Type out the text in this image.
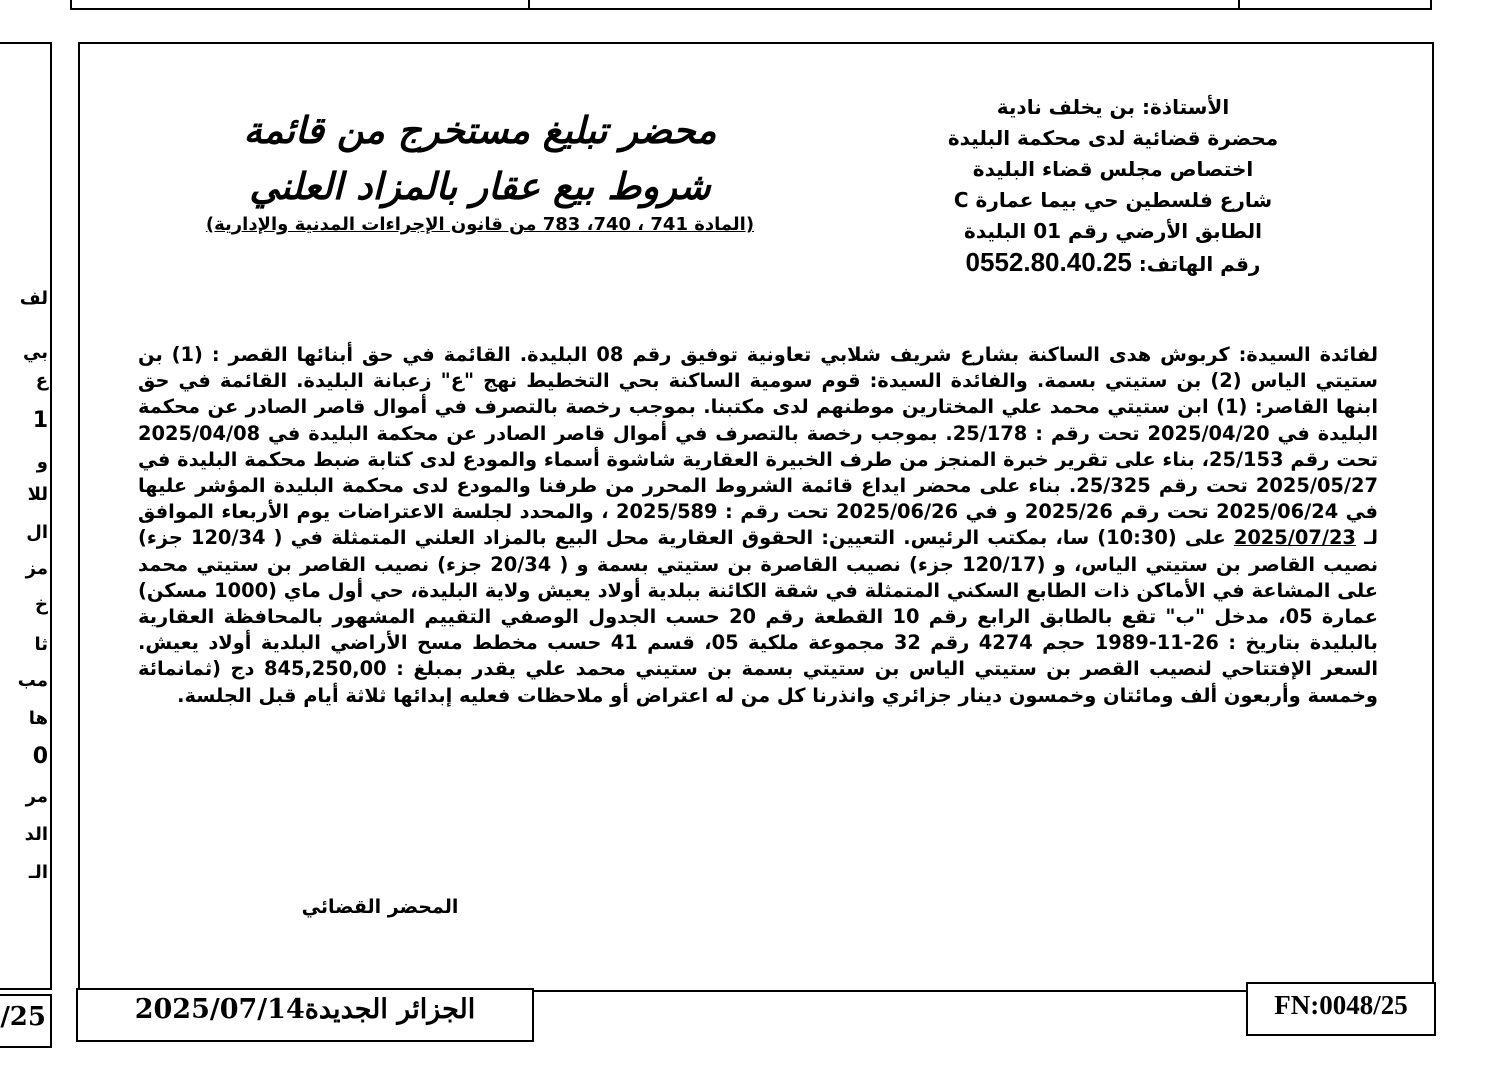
لف
بي
ع
1
و
للا
ال
مز
خ
ثا
مب
ها
0
مر
الد
الـ
/25
الأستاذة: بن يخلف نادية
محضرة قضائية لدى محكمة البليدة
اختصاص مجلس قضاء البليدة
شارع فلسطين حي بيما عمارة C
الطابق الأرضي رقم 01 البليدة
رقم الهاتف: 0552.80.40.25
محضر تبليغ مستخرج من قائمة
شروط بيع عقار بالمزاد العلني
(المادة 741 ، 740، 783 من قانون الإجراءات المدنية والإدارية)
لفائدة السيدة: كربوش هدى الساكنة بشارع شريف شلابي تعاونية توفيق رقم 08 البليدة. القائمة في حق أبنائها القصر : (1) بن ستيتي الياس (2) بن ستيتي بسمة. والفائدة السيدة: قوم سومية الساكنة بحي التخطيط نهج "ع" زعبانة البليدة. القائمة في حق ابنها القاصر: (1) ابن ستيتي محمد علي المختارين موطنهم لدى مكتبنا. بموجب رخصة بالتصرف في أموال قاصر الصادر عن محكمة البليدة في 2025/04/20 تحت رقم : 25/178. بموجب رخصة بالتصرف في أموال قاصر الصادر عن محكمة البليدة في 2025/04/08 تحت رقم 25/153، بناء على تقرير خبرة المنجز من طرف الخبيرة العقارية شاشوة أسماء والمودع لدى كتابة ضبط محكمة البليدة في 2025/05/27 تحت رقم 25/325. بناء على محضر ايداع قائمة الشروط المحرر من طرفنا والمودع لدى محكمة البليدة المؤشر عليها في 2025/06/24 تحت رقم 2025/26 و في 2025/06/26 تحت رقم : 2025/589 ، والمحدد لجلسة الاعتراضات يوم الأربعاء الموافق لـ 2025/07/23 على (10:30) سا، بمكتب الرئيس. التعيين: الحقوق العقارية محل البيع بالمزاد العلني المتمثلة في ( 120/34 جزء) نصيب القاصر بن ستيتي الياس، و (120/17 جزء) نصيب القاصرة بن ستيتي بسمة و ( 20/34 جزء) نصيب القاصر بن ستيتي محمد على المشاعة في الأماكن ذات الطابع السكني المتمثلة في شقة الكائنة ببلدية أولاد يعيش ولاية البليدة، حي أول ماي (1000 مسكن) عمارة 05، مدخل "ب" تقع بالطابق الرابع رقم 10 القطعة رقم 20 حسب الجدول الوصفي التقييم المشهور بالمحافظة العقارية بالبليدة بتاريخ : 26-11-1989 حجم 4274 رقم 32 مجموعة ملكية 05، قسم 41 حسب مخطط مسح الأراضي البلدية أولاد يعيش. السعر الإفتتاحي لنصيب القصر بن ستيتي الياس بن ستيتي بسمة بن ستيني محمد علي يقدر بمبلغ : 845,250,00 دج (ثمانمائة وخمسة وأربعون ألف ومائتان وخمسون دينار جزائري وانذرنا كل من له اعتراض أو ملاحظات فعليه إبدائها ثلاثة أيام قبل الجلسة.
المحضر القضائي
الجزائر الجديدة2025/07/14	FN:0048/25
